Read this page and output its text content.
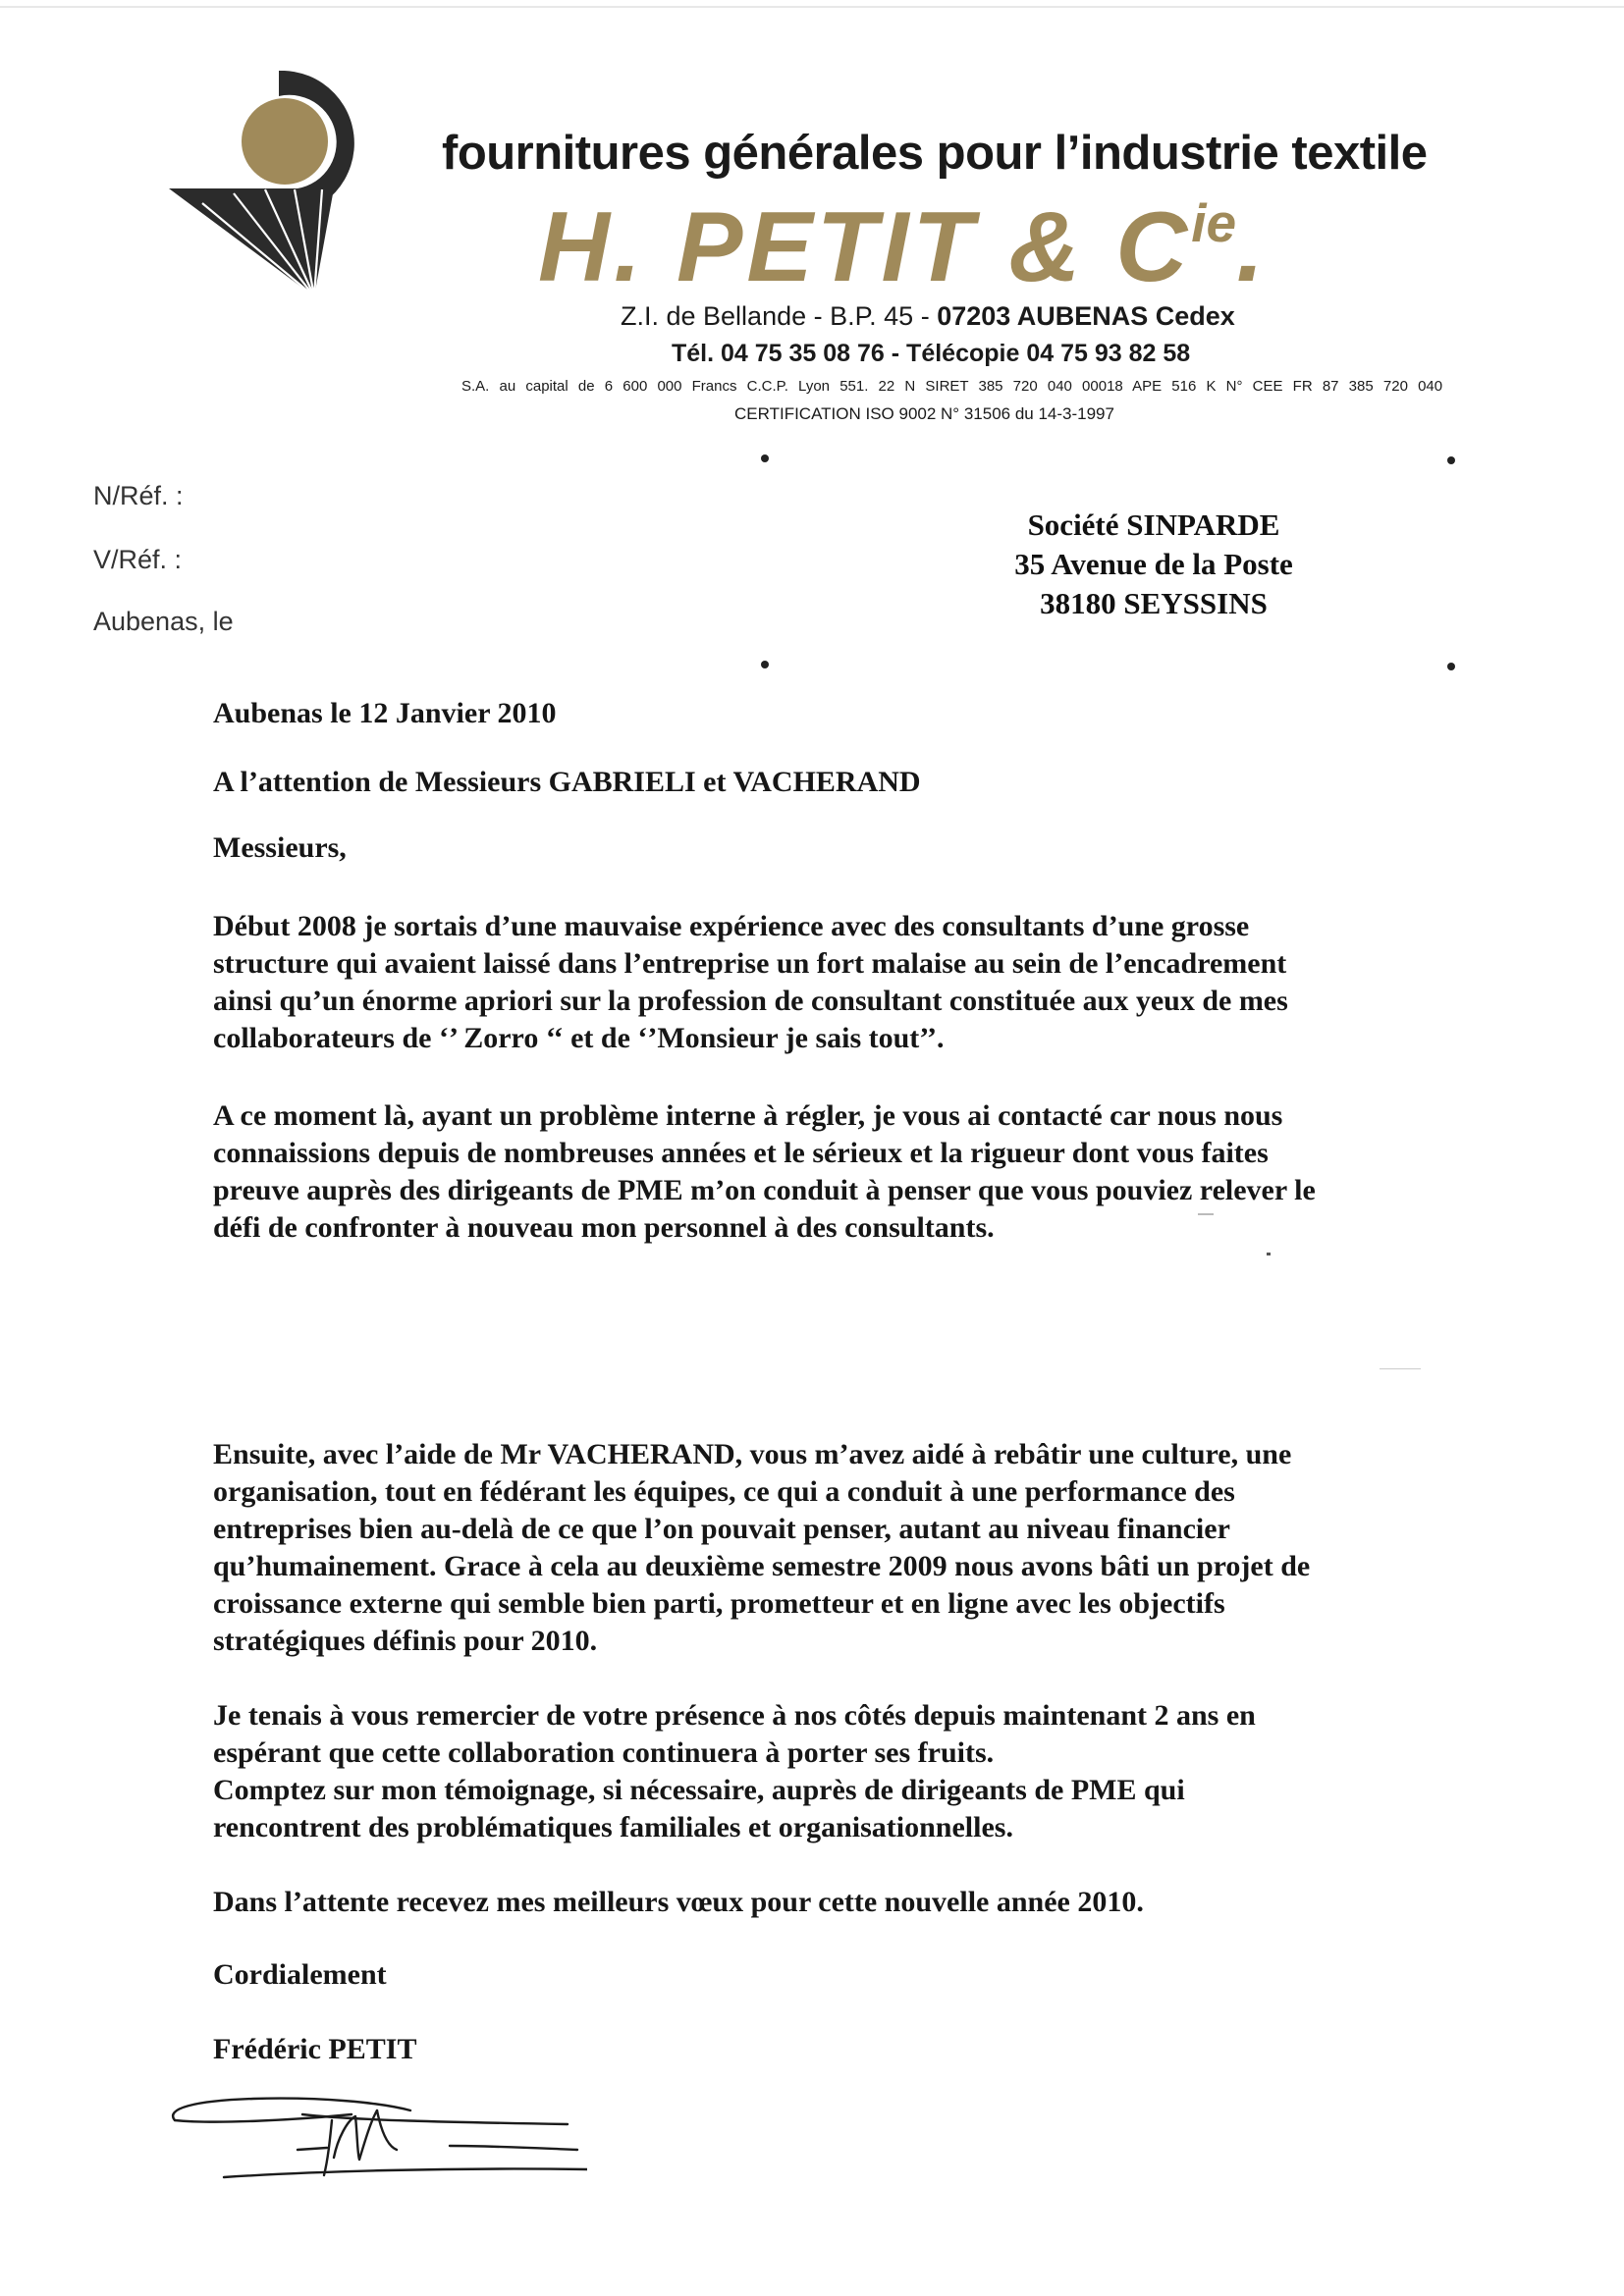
fournitures générales pour l’industrie textile
H. PETIT & $C^{ie}$.
Z.I. de Bellande - B.P. 45 - 07203 AUBENAS Cedex
Tél. 04 75 35 08 76 - Télécopie 04 75 93 82 58
S.A. au capital de 6 600 000 Francs C.C.P. Lyon 551. 22 N SIRET 385 720 040 00018 APE 516 K N° CEE FR 87 385 720 040
CERTIFICATION ISO 9002 N° 31506 du 14-3-1997
N/Réf. :
V/Réf. :
Aubenas, le
Société SINPARDE
35 Avenue de la Poste
38180 SEYSSINS
Aubenas le 12 Janvier 2010
A l’attention de Messieurs GABRIELI et VACHERAND
Messieurs,
Début 2008 je sortais d’une mauvaise expérience avec des consultants d’une grosse
structure qui avaient laissé dans l’entreprise un fort malaise au sein de l’encadrement
ainsi qu’un énorme apriori sur la profession de consultant constituée aux yeux de mes
collaborateurs de ‘’ Zorro ‘‘ et de ‘’Monsieur je sais tout’’.
A ce moment là, ayant un problème interne à régler, je vous ai contacté car nous nous
connaissions depuis de nombreuses années et le sérieux et la rigueur dont vous faites
preuve auprès des dirigeants de PME m’on conduit à penser que vous pouviez relever le
défi de confronter à nouveau mon personnel à des consultants.
Ensuite, avec l’aide de Mr VACHERAND, vous m’avez aidé à rebâtir une culture, une
organisation, tout en fédérant les équipes, ce qui a conduit à une performance des
entreprises bien au-delà de ce que l’on pouvait penser, autant au niveau financier
qu’humainement. Grace à cela au deuxième semestre 2009 nous avons bâti un projet de
croissance externe qui semble bien parti, prometteur et en ligne avec les objectifs
stratégiques définis pour 2010.
Je tenais à vous remercier de votre présence à nos côtés depuis maintenant 2 ans en
espérant que cette collaboration continuera à porter ses fruits.
Comptez sur mon témoignage, si nécessaire, auprès de dirigeants de PME qui
rencontrent des problématiques familiales et organisationnelles.
Dans l’attente recevez mes meilleurs vœux pour cette nouvelle année 2010.
Cordialement
Frédéric PETIT
